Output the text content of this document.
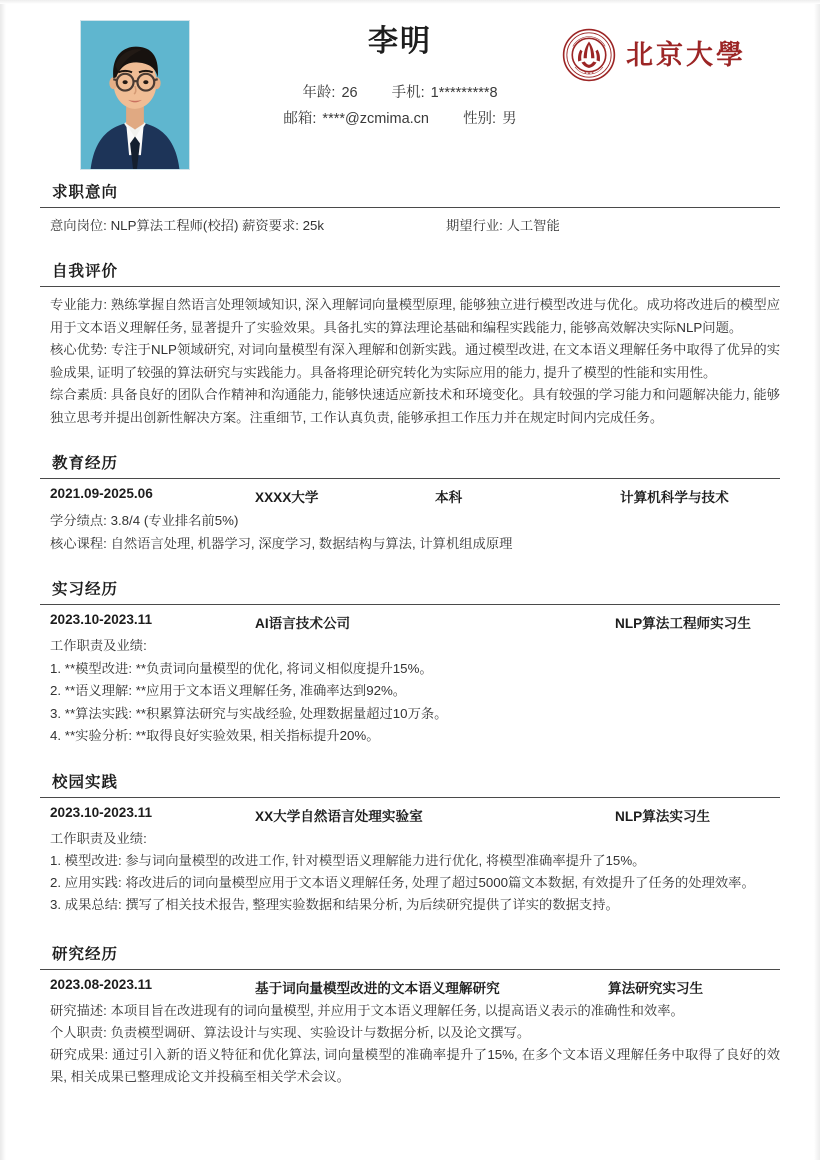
李明
年龄: 26 手机: 1*********8
邮箱: ****@zcmima.cn 性别: 男
北京大學
求职意向
意向岗位: NLP算法工程师(校招) 薪资要求: 25k	期望行业: 人工智能
自我评价

专业能力: 熟练掌握自然语言处理领域知识, 深入理解词向量模型原理, 能够独立进行模型改进与优化。成功将改进后的模型应用于文本语义理解任务, 显著提升了实验效果。具备扎实的算法理论基础和编程实践能力, 能够高效解决实际NLP问题。

核心优势: 专注于NLP领域研究, 对词向量模型有深入理解和创新实践。通过模型改进, 在文本语义理解任务中取得了优异的实验成果, 证明了较强的算法研究与实践能力。具备将理论研究转化为实际应用的能力, 提升了模型的性能和实用性。

综合素质: 具备良好的团队合作精神和沟通能力, 能够快速适应新技术和环境变化。具有较强的学习能力和问题解决能力, 能够独立思考并提出创新性解决方案。注重细节, 工作认真负责, 能够承担工作压力并在规定时间内完成任务。

教育经历
2021.09-2025.06	XXXX大学	本科	计算机科学与技术
学分绩点: 3.8/4 (专业排名前5%)
核心课程: 自然语言处理, 机器学习, 深度学习, 数据结构与算法, 计算机组成原理
实习经历
2023.10-2023.11	AI语言技术公司	NLP算法工程师实习生
工作职责及业绩:
1. **模型改进: **负责词向量模型的优化, 将词义相似度提升15%。
2. **语义理解: **应用于文本语义理解任务, 准确率达到92%。
3. **算法实践: **积累算法研究与实战经验, 处理数据量超过10万条。
4. **实验分析: **取得良好实验效果, 相关指标提升20%。
校园实践
2023.10-2023.11	XX大学自然语言处理实验室	NLP算法实习生
工作职责及业绩:

1. 模型改进: 参与词向量模型的改进工作, 针对模型语义理解能力进行优化, 将模型准确率提升了15%。

2. 应用实践: 将改进后的词向量模型应用于文本语义理解任务, 处理了超过5000篇文本数据, 有效提升了任务的处理效率。

3. 成果总结: 撰写了相关技术报告, 整理实验数据和结果分析, 为后续研究提供了详实的数据支持。

研究经历
2023.08-2023.11	基于词向量模型改进的文本语义理解研究	算法研究实习生

研究描述: 本项目旨在改进现有的词向量模型, 并应用于文本语义理解任务, 以提高语义表示的准确性和效率。

个人职责: 负责模型调研、算法设计与实现、实验设计与数据分析, 以及论文撰写。

研究成果: 通过引入新的语义特征和优化算法, 词向量模型的准确率提升了15%, 在多个文本语义理解任务中取得了良好的效果, 相关成果已整理成论文并投稿至相关学术会议。
